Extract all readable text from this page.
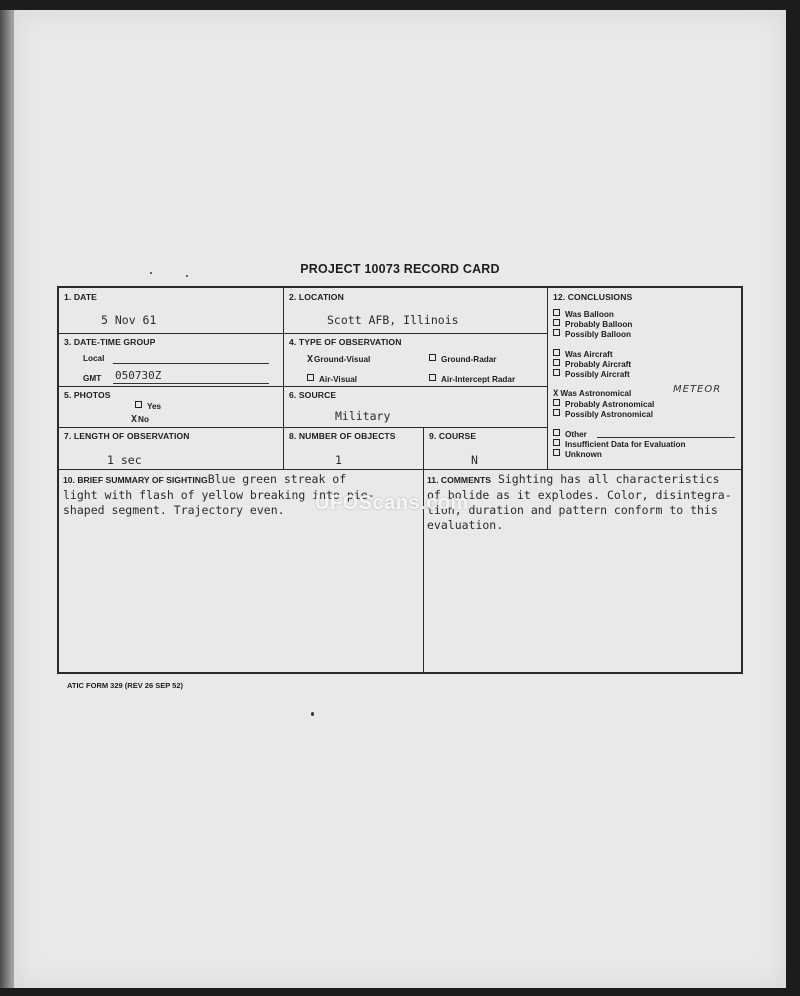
PROJECT 10073 RECORD CARD
1. DATE
5 Nov 61
2. LOCATION
Scott AFB, Illinois
3. DATE-TIME GROUP
Local
GMT 050730Z
4. TYPE OF OBSERVATION
XGround-Visual	Ground-Radar
Air-Visual	Air-Intercept Radar
5. PHOTOS
Yes
XNo
6. SOURCE
Military
7. LENGTH OF OBSERVATION
1 sec
8. NUMBER OF OBJECTS
1
9. COURSE
N
10. BRIEF SUMMARY OF SIGHTINGBlue green streak of
light with flash of yellow breaking into pie-
shaped segment. Trajectory even.
11. COMMENTS Sighting has all characteristics
of bolide as it explodes. Color, disintegra-
tion, duration and pattern conform to this
evaluation.
12. CONCLUSIONS
Was Balloon
Probably Balloon
Possibly Balloon
Was Aircraft
Probably Aircraft
Possibly Aircraft
X Was Astronomical	METEOR
Probably Astronomical
Possibly Astronomical
Other
Insufficient Data for Evaluation
Unknown
UFOScans.com
ATIC FORM 329 (REV 26 SEP 52)
